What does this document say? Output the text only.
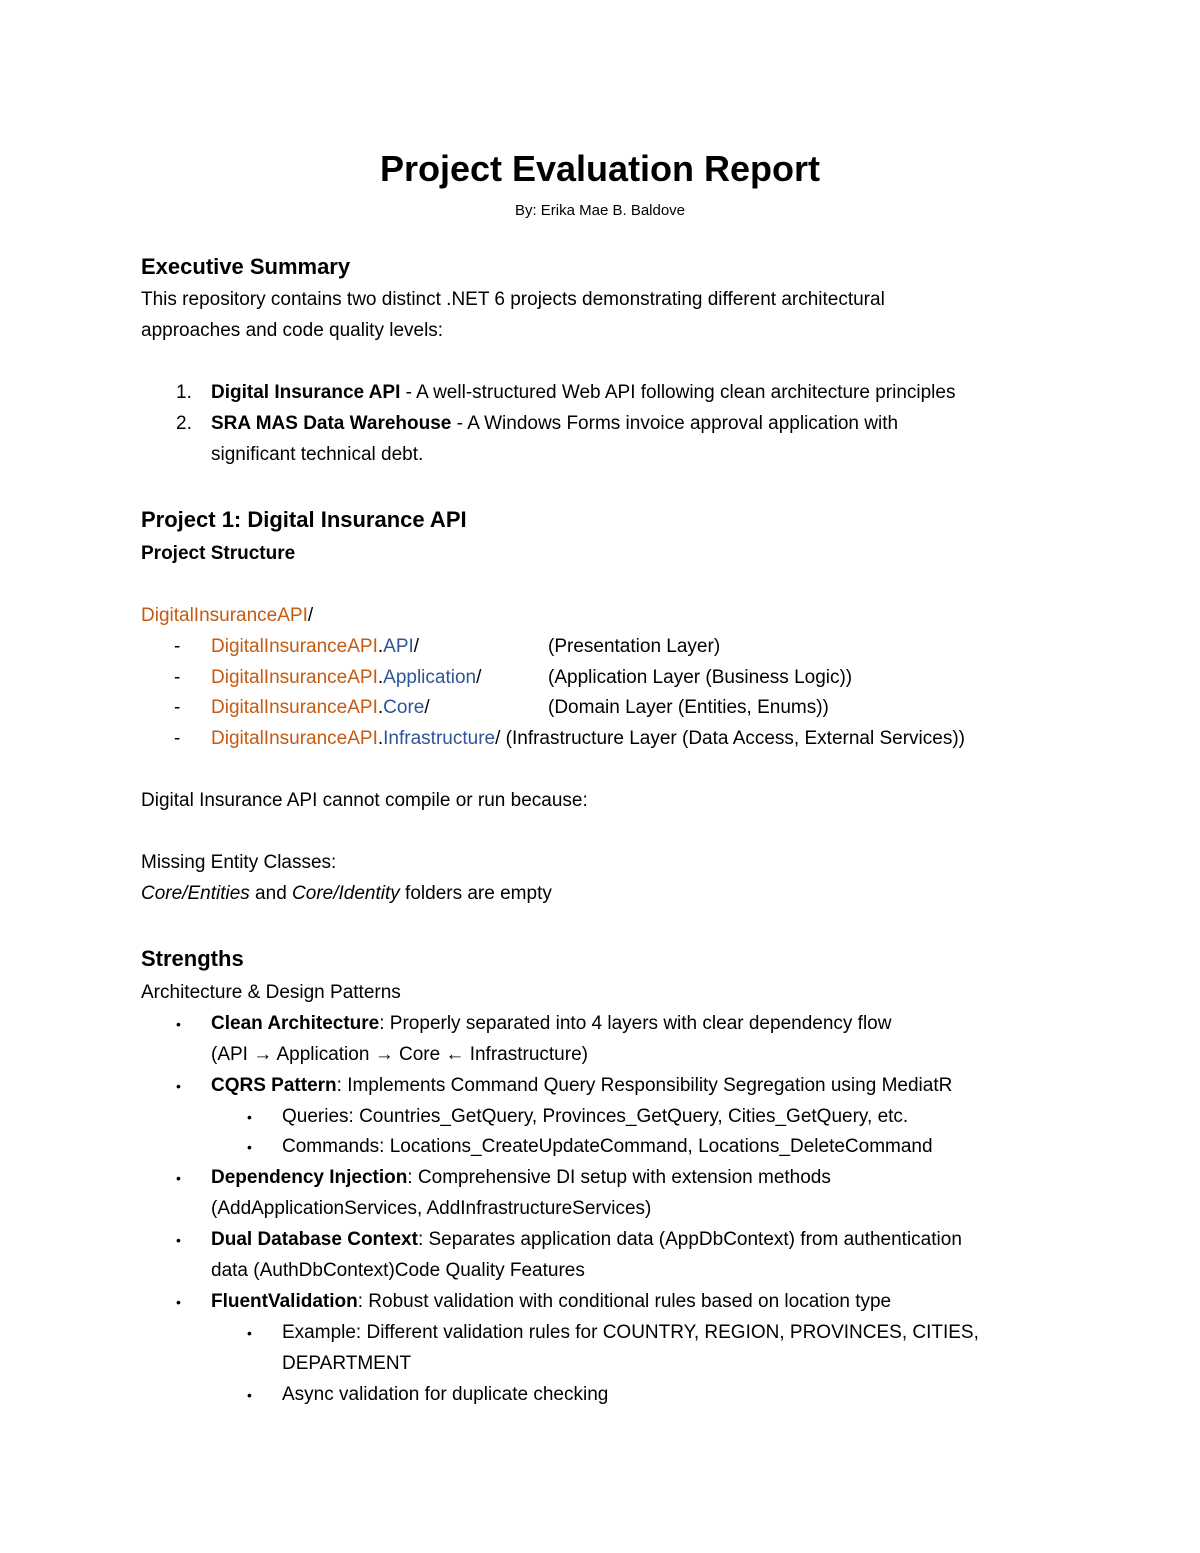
Project Evaluation Report
By: Erika Mae B. Baldove
Executive Summary
This repository contains two distinct .NET 6 projects demonstrating different architectural
approaches and code quality levels:
1.	Digital Insurance API - A well-structured Web API following clean architecture principles
2.	SRA MAS Data Warehouse - A Windows Forms invoice approval application with
significant technical debt.
Project 1: Digital Insurance API
Project Structure
DigitalInsuranceAPI/
- DigitalInsuranceAPI.API/	(Presentation Layer)
- DigitalInsuranceAPI.Application/	(Application Layer (Business Logic))
- DigitalInsuranceAPI.Core/	(Domain Layer (Entities, Enums))
- DigitalInsuranceAPI.Infrastructure/ (Infrastructure Layer (Data Access, External Services))
Digital Insurance API cannot compile or run because:
Missing Entity Classes:
Core/Entities and Core/Identity folders are empty
Strengths
Architecture & Design Patterns
• Clean Architecture: Properly separated into 4 layers with clear dependency flow
(API → Application → Core ← Infrastructure)
• CQRS Pattern: Implements Command Query Responsibility Segregation using MediatR
• Queries: Countries_GetQuery, Provinces_GetQuery, Cities_GetQuery, etc.
• Commands: Locations_CreateUpdateCommand, Locations_DeleteCommand
• Dependency Injection: Comprehensive DI setup with extension methods
(AddApplicationServices, AddInfrastructureServices)
• Dual Database Context: Separates application data (AppDbContext) from authentication
data (AuthDbContext)Code Quality Features
• FluentValidation: Robust validation with conditional rules based on location type
• Example: Different validation rules for COUNTRY, REGION, PROVINCES, CITIES,
DEPARTMENT
• Async validation for duplicate checking
